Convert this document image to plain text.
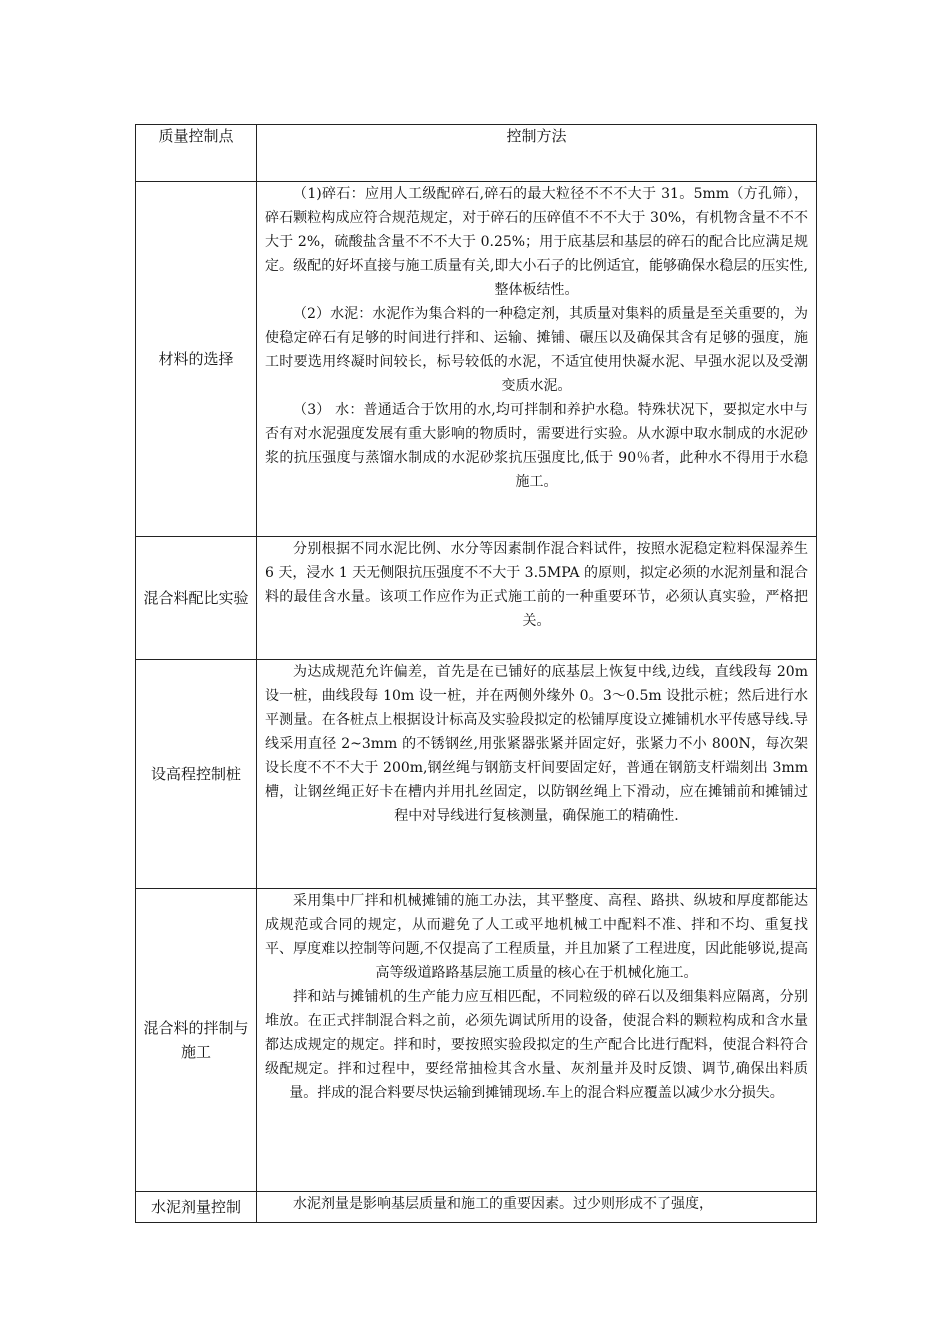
质量控制点	控制方法
材料的选择	（1)碎石：应用人工级配碎石,碎石的最大粒径不不不大于 31。5mm（方孔筛），碎石颗粒构成应符合规范规定，对于碎石的压碎值不不不大于 30%，有机物含量不不不大于 2%，硫酸盐含量不不不大于 0.25%；用于底基层和基层的碎石的配合比应满足规定。级配的好坏直接与施工质量有关,即大小石子的比例适宜，能够确保水稳层的压实性,整体板结性。

（2）水泥：水泥作为集合料的一种稳定剂，其质量对集料的质量是至关重要的，为使稳定碎石有足够的时间进行拌和、运输、摊铺、碾压以及确保其含有足够的强度，施工时要选用终凝时间较长，标号较低的水泥，不适宜使用快凝水泥、早强水泥以及受潮变质水泥。

（3） 水：普通适合于饮用的水,均可拌制和养护水稳。特殊状况下，要拟定水中与否有对水泥强度发展有重大影响的物质时，需要进行实验。从水源中取水制成的水泥砂浆的抗压强度与蒸馏水制成的水泥砂浆抗压强度比,低于 90％者，此种水不得用于水稳施工。

混合料配比实验	分别根据不同水泥比例、水分等因素制作混合料试件，按照水泥稳定粒料保湿养生 6 天，浸水 1 天无侧限抗压强度不不大于 3.5MPA 的原则，拟定必须的水泥剂量和混合料的最佳含水量。该项工作应作为正式施工前的一种重要环节，必须认真实验，严格把关。

设高程控制桩	为达成规范允许偏差，首先是在已铺好的底基层上恢复中线,边线，直线段每 20m 设一桩，曲线段每 10m 设一桩，并在两侧外缘外 0。3～0.5m 设批示桩；然后进行水平测量。在各桩点上根据设计标高及实验段拟定的松铺厚度设立摊铺机水平传感导线.导线采用直径 2~3mm 的不锈钢丝,用张紧器张紧并固定好，张紧力不小 800N，每次架设长度不不不大于 200m,钢丝绳与钢筋支杆间要固定好，普通在钢筋支杆端刻出 3mm 槽，让钢丝绳正好卡在槽内并用扎丝固定，以防钢丝绳上下滑动，应在摊铺前和摊铺过程中对导线进行复核测量，确保施工的精确性.

混合料的拌制与施工	采用集中厂拌和机械摊铺的施工办法，其平整度、高程、路拱、纵坡和厚度都能达成规范或合同的规定，从而避免了人工或平地机械工中配料不准、拌和不均、重复找平、厚度难以控制等问题,不仅提高了工程质量，并且加紧了工程进度，因此能够说,提高高等级道路路基层施工质量的核心在于机械化施工。

拌和站与摊铺机的生产能力应互相匹配，不同粒级的碎石以及细集料应隔离，分别堆放。在正式拌制混合料之前，必须先调试所用的设备，使混合料的颗粒构成和含水量都达成规定的规定。拌和时，要按照实验段拟定的生产配合比进行配料，使混合料符合级配规定。拌和过程中，要经常抽检其含水量、灰剂量并及时反馈、调节,确保出料质量。拌成的混合料要尽快运输到摊铺现场.车上的混合料应覆盖以减少水分损失。

水泥剂量控制	水泥剂量是影响基层质量和施工的重要因素。过少则形成不了强度，
